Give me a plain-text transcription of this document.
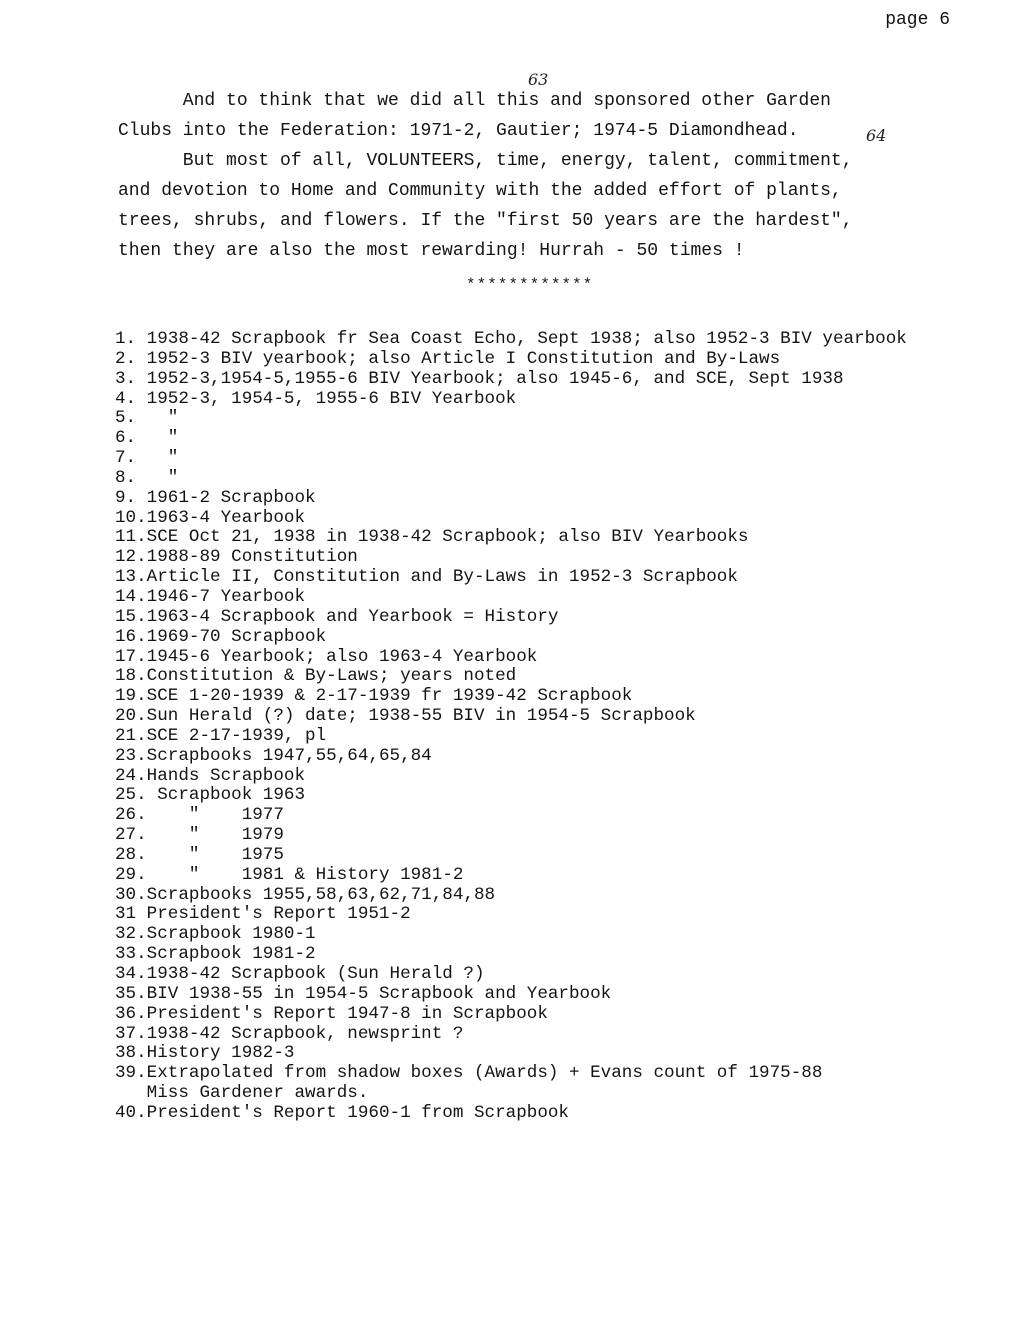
page 6
And to think that we did all this and sponsored other Garden
Clubs into the Federation: 1971-2, Gautier; 1974-5 Diamondhead.
But most of all, VOLUNTEERS, time, energy, talent, commitment,
and devotion to Home and Community with the added effort of plants,
trees, shrubs, and flowers. If the "first 50 years are the hardest",
then they are also the most rewarding! Hurrah - 50 times !
63
64
************
1. 1938-42 Scrapbook fr Sea Coast Echo, Sept 1938; also 1952-3 BIV yearbook
2. 1952-3 BIV yearbook; also Article I Constitution and By-Laws
3. 1952-3,1954-5,1955-6 BIV Yearbook; also 1945-6, and SCE, Sept 1938
4. 1952-3, 1954-5, 1955-6 BIV Yearbook
5.   "
6.   "
7.   "
8.   "
9. 1961-2 Scrapbook
10.1963-4 Yearbook
11.SCE Oct 21, 1938 in 1938-42 Scrapbook; also BIV Yearbooks
12.1988-89 Constitution
13.Article II, Constitution and By-Laws in 1952-3 Scrapbook
14.1946-7 Yearbook
15.1963-4 Scrapbook and Yearbook = History
16.1969-70 Scrapbook
17.1945-6 Yearbook; also 1963-4 Yearbook
18.Constitution & By-Laws; years noted
19.SCE 1-20-1939 & 2-17-1939 fr 1939-42 Scrapbook
20.Sun Herald (?) date; 1938-55 BIV in 1954-5 Scrapbook
21.SCE 2-17-1939, pl
23.Scrapbooks 1947,55,64,65,84
24.Hands Scrapbook
25. Scrapbook 1963
26.    "    1977
27.    "    1979
28.    "    1975
29.    "    1981 & History 1981-2
30.Scrapbooks 1955,58,63,62,71,84,88
31 President's Report 1951-2
32.Scrapbook 1980-1
33.Scrapbook 1981-2
34.1938-42 Scrapbook (Sun Herald ?)
35.BIV 1938-55 in 1954-5 Scrapbook and Yearbook
36.President's Report 1947-8 in Scrapbook
37.1938-42 Scrapbook, newsprint ?
38.History 1982-3
39.Extrapolated from shadow boxes (Awards) + Evans count of 1975-88
Miss Gardener awards.
40.President's Report 1960-1 from Scrapbook
